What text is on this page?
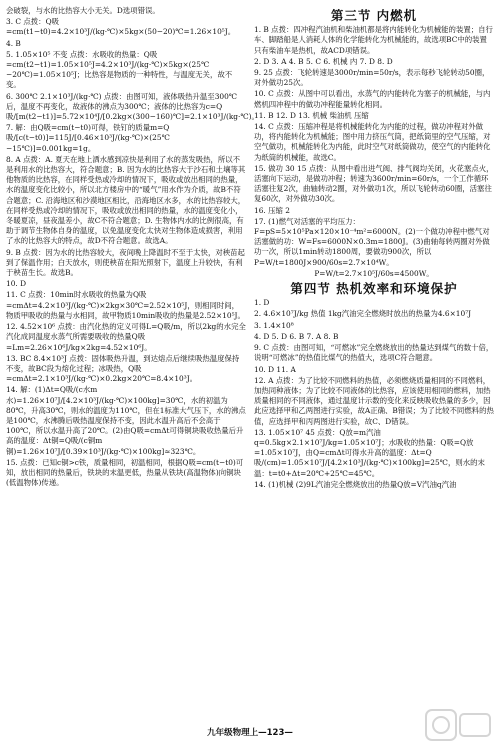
会破裂，与水的比热容大小无关。D选项错误。

3. C 点拨：Q吸=cm(t1−t0)=4.2×10³J/(kg·℃)×5kg×(50−20)℃=1.26×10⁵J。

4. B

5. 1.05×10⁵ 不变 点拨：水吸收的热量：Q吸=cm(t2−t1)=1.05×10⁵J=4.2×10³J/(kg·℃)×5kg×(25℃−20℃)=1.05×10⁵J；比热容是物质的一种特性，与温度无关，故不变。

6. 300℃ 2.1×10³J/(kg·℃) 点拨：由图可知，液体吸热升温至300℃后，温度不再变化，故液体的沸点为300℃；液体的比热容为c=Q吸/[m(t2−t1)]=5.72×10⁴J/[0.2kg×(300−160)℃]=2.1×10³J/(kg·℃)。

7. 解：由Q吸=cm(t−t0)可得，铁钉的质量m=Q吸/[c(t−t0)]=115J/[0.46×10³J/(kg·℃)×(25℃−15℃)]=0.001kg=1g。

8. A 点拨：A. 夏天在地上洒水感到凉快是利用了水的蒸发吸热，所以不是利用水的比热容大，符合题意；B. 因为水的比热容大于沙石和土壤等其他物质的比热容，在同样受热或冷却的情况下，吸收或放出相同的热量，水的温度变化比较小，所以北方楼房中的“暖气”用水作为介质，故B不符合题意；C. 沿海地区和沙漠地区相比，沿海地区水多，水的比热容较大，在同样受热或冷却的情况下，吸收或放出相同的热量，水的温度变化小，冬暖夏凉，昼夜温差小，故C不符合题意；D. 生物体内水的比例很高，有助于调节生物体自身的温度，以免温度变化太快对生物体造成损害，利用了水的比热容大的特点，故D不符合题意。故选A。

9. B 点拨：因为水的比热容较大，夜间晚上降温时不至于太快，对秧苗起到了保温作用；白天放水，则使秧苗在阳光照射下，温度上升较快，有利于秧苗生长。故选B。

10. D

11. C 点拨：10min时水吸收的热量为Q吸=cmΔt=4.2×10³J/(kg·℃)×2kg×30℃=2.52×10⁵J，则相同时间，物质甲吸收的热量与水相同，故甲物质10min吸收的热量是2.52×10⁵J。

12. 4.52×10⁶ 点拨：由汽化热的定义可得L=Q吸/m，所以2kg的水完全汽化成同温度水蒸气所需要吸收的热量Q吸=Lm=2.26×10⁶J/kg×2kg=4.52×10⁶J。

13. BC 8.4×10³J 点拨：固体吸热升温，到达熔点后继续吸热温度保持不变，故BC段为熔化过程；冰吸热，Q吸=cmΔt=2.1×10³J/(kg·℃)×0.2kg×20℃=8.4×10³J。

14. 解：(1)Δt=Q吸/(c水m水)=1.26×10⁷J/[4.2×10³J/(kg·℃)×100kg]=30℃，水的初温为80℃，升高30℃，则水的温度为110℃，但在1标准大气压下，水的沸点是100℃，水沸腾后吸热温度保持不变，因此水温升高后不会高于100℃，所以水温升高了20℃。(2)由Q吸=cmΔt可得铜块吸收热量后升高的温度：Δt铜=Q吸/(c铜m铜)=1.26×10⁷J/[0.39×10³J/(kg·℃)×100kg]≈323℃。

15. 点拨：已知c铜>c铁，质量相同，初温相同，根据Q吸=cm(t−t0)可知，放出相同的热量后，铁块的末温更低，热量从铁块(高温物体)向铜块(低温物体)传递。

第三节 内燃机

1. B 点拨：四冲程汽油机和柴油机都是将内能转化为机械能的装置；自行车、脚踏船是人消耗人体的化学能转化为机械能的，故选项BC中的装置只有柴油车是热机，故ACD项错误。

2. D 3. A 4. B 5. C 6. 机械 内 7. D 8. D

9. 25 点拨：飞轮转速是3000r/min=50r/s，表示每秒飞轮转动50圈，对外做功25次。

10. C 点拨：从图中可以看出，水蒸气的内能转化为塞子的机械能，与内燃机四冲程中的做功冲程能量转化相同。

11. B 12. D 13. 机械 柴油机 压缩

14. C 点拨：压缩冲程是将机械能转化为内能的过程，做功冲程对外做功，将内能转化为机械能；图中用力挤压气筒，把纸筒里的空气压缩，对空气做功，机械能转化为内能，此时空气对纸筒做功，使空气的内能转化为纸筒的机械能，故选C。

15. 做功 30 15 点拨：从图中看出进气阀、排气阀均关闭，火花塞点火，活塞向下运动，是做功冲程；转速为3600r/min=60r/s，一个工作循环活塞往复2次，曲轴转动2圈，对外做功1次，所以飞轮转动60圈，活塞往复60次，对外做功30次。

16. 压缩 2

17. (1)燃气对活塞的平均压力：F=pS=5×10⁵Pa×120×10⁻⁴m²=6000N。(2)一个做功冲程中燃气对活塞做的功：W=Fs=6000N×0.3m=1800J。(3)曲轴每转两圈对外做功一次，所以1min转动1800周，要做功900次，所以P=W/t=1800J×900/60s=2.7×10⁴W。

P=W/t=2.7×10⁵J/60s=4500W。

第四节 热机效率和环境保护

1. D

2. 4.6×10⁷J/kg 热值 1kg汽油完全燃烧时放出的热量为4.6×10⁷J

3. 1.4×10⁸

4. D 5. D 6. B 7. A 8. B

9. C 点拨：由图可知，“可燃冰”完全燃烧放出的热量达到煤气的数十倍，说明“可燃冰”的热值比煤气的热值大，选项C符合题意。

10. D 11. A

12. A 点拨：为了比较不同燃料的热值，必须燃烧质量相同的不同燃料，加热同种液体；为了比较不同液体的比热容，应该使用相同的燃料，加热质量相同的不同液体，通过温度计示数的变化来反映吸收热量的多少，因此应选择甲和乙两图进行实验，故A正确、B错误；为了比较不同燃料的热值，应选择甲和丙两图进行实验，故C、D错误。

13. 1.05×10⁷ 45 点拨：Q放=m汽油q=0.5kg×2.1×10⁷J/kg=1.05×10⁷J；水吸收的热量：Q吸=Q放=1.05×10⁷J，由Q=cmΔt可得水升高的温度：Δt=Q吸/(cm)=1.05×10⁷J/[4.2×10³J/(kg·℃)×100kg]=25℃，则水的末温：t=t0+Δt=20℃+25℃=45℃。

14. (1)机械 (2)9L汽油完全燃烧放出的热量Q放=V汽油q汽油

九年级物理上—123—
